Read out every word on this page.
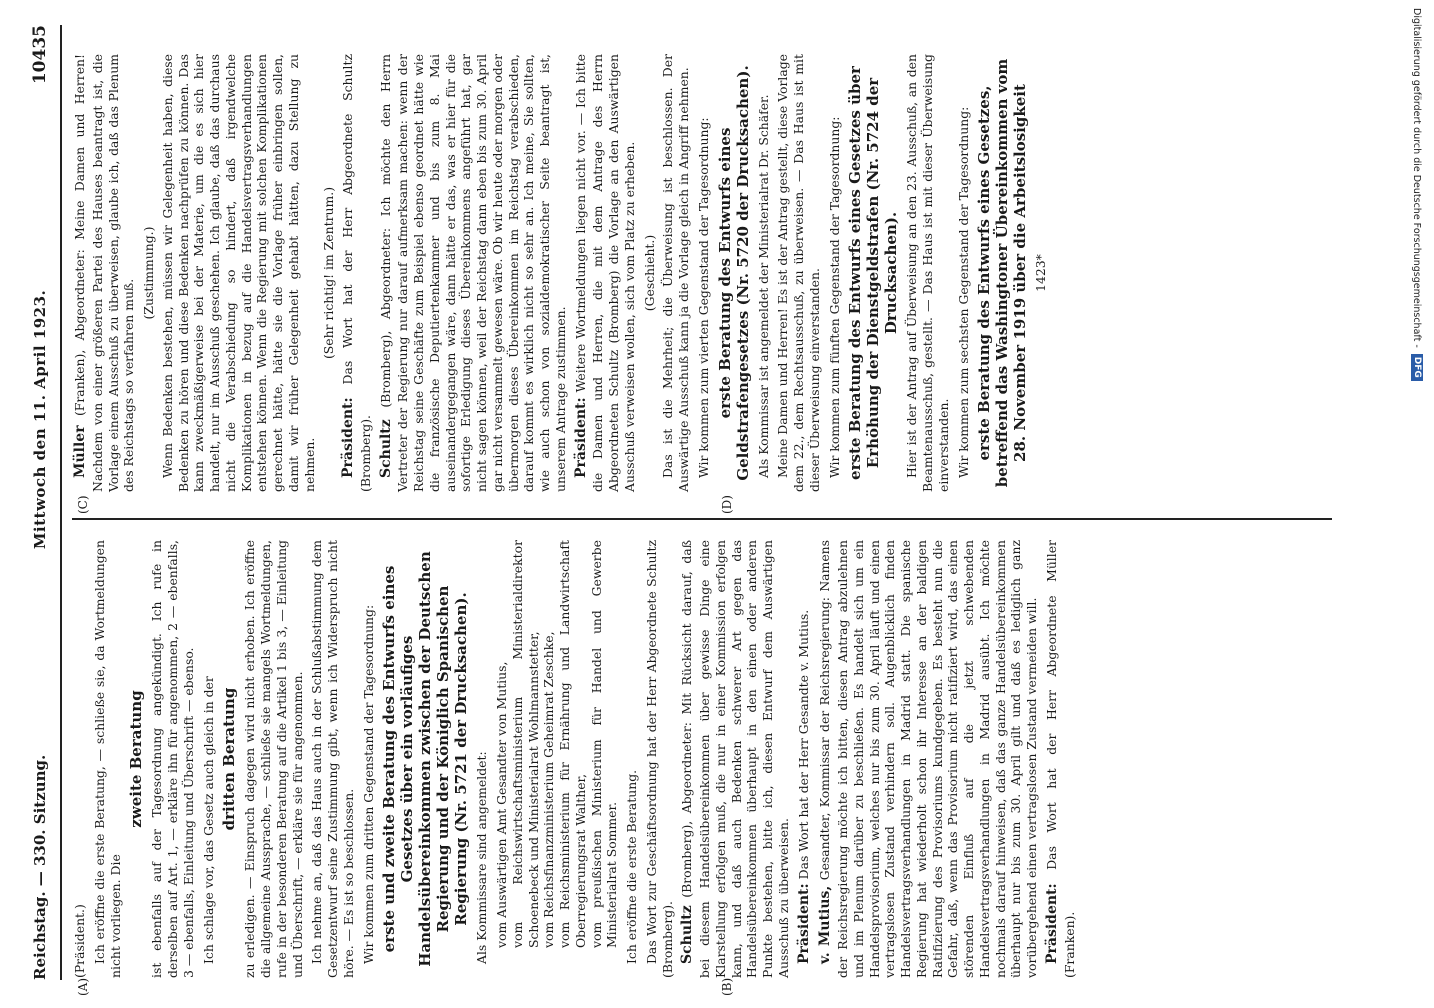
Reichstag. — 330. Sitzung.
Mittwoch den 11. April 1923.
10435
(A)	(B)
(C)	(D)

(Präsident.) Ich eröffne die erste Beratung, — schließe sie, da Wortmeldungen nicht vorliegen. Die

zweite Beratung ist ebenfalls auf der Tagesordnung angekündigt. Ich rufe in derselben auf Art. 1, — erkläre ihn für angenommen, 2 — ebenfalls, 3 — ebenfalls, Einleitung und Überschrift — ebenso. Ich schlage vor, das Gesetz auch gleich in der dritten Beratung zu erledigen. — Einspruch dagegen wird nicht erhoben. Ich eröffne die allgemeine Aussprache, — schließe sie mangels Wortmeldungen, rufe in der besonderen Beratung auf die Artikel 1 bis 3, — Einleitung und Überschrift, — erkläre sie für angenommen. Ich nehme an, daß das Haus auch in der Schlußabstimmung dem Gesetzentwurf seine Zustimmung gibt, wenn ich Widerspruch nicht höre. — Es ist so beschlossen. Wir kommen zum dritten Gegenstand der Tagesordnung: erste und zweite Beratung des Entwurfs eines Gesetzes über ein vorläufiges Handelsübereinkommen zwischen der Deutschen Regierung und der Königlich Spanischen Regierung (Nr. 5721 der Drucksachen). Als Kommissare sind angemeldet: vom Auswärtigen Amt Gesandter von Mutius, vom Reichswirtschaftsministerium Ministerialdirektor Schoenebeck und Ministerialrat Wohlmannstetter, vom Reichsfinanzministerium Geheimrat Zeschke, vom Reichsministerium für Ernährung und Landwirtschaft Oberregierungsrat Walther, vom preußischen Ministerium für Handel und Gewerbe Ministerialrat Sommer. Ich eröffne die erste Beratung. Das Wort zur Geschäftsordnung hat der Herr Abgeordnete Schultz (Bromberg). Schultz (Bromberg), Abgeordneter: Mit Rücksicht darauf, daß bei diesem Handelsübereinkommen über gewisse Dinge eine Klarstellung erfolgen muß, die nur in einer Kommission erfolgen kann, und daß auch Bedenken schwerer Art gegen das Handelsübereinkommen überhaupt in den einen oder anderen Punkte bestehen, bitte ich, diesen Entwurf dem Auswärtigen Ausschuß zu überweisen. Präsident: Das Wort hat der Herr Gesandte v. Mutius.

v. Mutius, Gesandter, Kommissar der Reichsregierung: Namens der Reichsregierung möchte ich bitten, diesen Antrag abzulehnen und im Plenum darüber zu beschließen. Es handelt sich um ein Handelsprovisorium, welches nur bis zum 30. April läuft und einen vertragslosen Zustand verhindern soll. Augenblicklich finden Handelsvertragsverhandlungen in Madrid statt. Die spanische Regierung hat wiederholt schon ihr Interesse an der baldigen Ratifizierung des Provisoriums kundgegeben. Es besteht nun die Gefahr, daß, wenn das Provisorium nicht ratifiziert wird, das einen störenden Einfluß auf die jetzt schwebenden Handelsvertragsverhandlungen in Madrid ausübt. Ich möchte nochmals darauf hinweisen, daß das ganze Handelsübereinkommen überhaupt nur bis zum 30. April gilt und daß es lediglich ganz vorübergehend einen vertragslosen Zustand vermeiden will. Präsident: Das Wort hat der Herr Abgeordnete Müller (Franken).

Müller (Franken), Abgeordneter: Meine Damen und Herren! Nachdem von einer größeren Partei des Hauses beantragt ist, die Vorlage einem Ausschuß zu überweisen, glaube ich, daß das Plenum des Reichstags so verfahren muß.

(Zustimmung.) Wenn Bedenken bestehen, müssen wir Gelegenheit haben, diese Bedenken zu hören und diese Bedenken nachprüfen zu können. Das kann zweckmäßigerweise bei der Materie, um die es sich hier handelt, nur im Ausschuß geschehen. Ich glaube, daß das durchaus nicht die Verabschiedung so hindert, daß irgendwelche Komplikationen in bezug auf die Handelsvertragsverhandlungen entstehen können. Wenn die Regierung mit solchen Komplikationen gerechnet hätte, hätte sie die Vorlage früher einbringen sollen, damit wir früher Gelegenheit gehabt hätten, dazu Stellung zu nehmen.

(Sehr richtig! im Zentrum.)

Präsident: Das Wort hat der Herr Abgeordnete Schultz (Bromberg). Schultz (Bromberg), Abgeordneter: Ich möchte den Herrn Vertreter der Regierung nur darauf aufmerksam machen: wenn der Reichstag seine Geschäfte zum Beispiel ebenso geordnet hätte wie die französische Deputiertenkammer und bis zum 8. Mai auseinandergegangen wäre, dann hätte er das, was er hier für die sofortige Erledigung dieses Übereinkommens angeführt hat, gar nicht sagen können, weil der Reichstag dann eben bis zum 30. April gar nicht versammelt gewesen wäre. Ob wir heute oder morgen oder übermorgen dieses Übereinkommen im Reichstag verabschieden, darauf kommt es wirklich nicht so sehr an. Ich meine, Sie sollten, wie auch schon von sozialdemokratischer Seite beantragt ist, unserem Antrage zustimmen. Präsident: Weitere Wortmeldungen liegen nicht vor. — Ich bitte die Damen und Herren, die mit dem Antrage des Herrn Abgeordneten Schultz (Bromberg) die Vorlage an den Auswärtigen Ausschuß verweisen wollen, sich vom Platz zu erheben. (Geschieht.) Das ist die Mehrheit; die Überweisung ist beschlossen. Der Auswärtige Ausschuß kann ja die Vorlage gleich in Angriff nehmen. Wir kommen zum vierten Gegenstand der Tagesordnung: erste Beratung des Entwurfs eines Geldstrafengesetzes (Nr. 5720 der Drucksachen). Als Kommissar ist angemeldet der Ministerialrat Dr. Schäfer. Meine Damen und Herren! Es ist der Antrag gestellt, diese Vorlage dem 22., dem Rechtsausschuß, zu überweisen. — Das Haus ist mit dieser Überweisung einverstanden. Wir kommen zum fünften Gegenstand der Tagesordnung: erste Beratung des Entwurfs eines Gesetzes über Erhöhung der Dienstgeldstrafen (Nr. 5724 der Drucksachen). Hier ist der Antrag auf Überweisung an den 23. Ausschuß, an den Beamtenausschuß, gestellt. — Das Haus ist mit dieser Überweisung einverstanden. Wir kommen zum sechsten Gegenstand der Tagesordnung: erste Beratung des Entwurfs eines Gesetzes, betreffend das Washingtoner Übereinkommen vom 28. November 1919 über die Arbeitslosigkeit 1423*	Digitalisierung gefördert durch die Deutsche Forschungsgemeinschaft -
DFG
